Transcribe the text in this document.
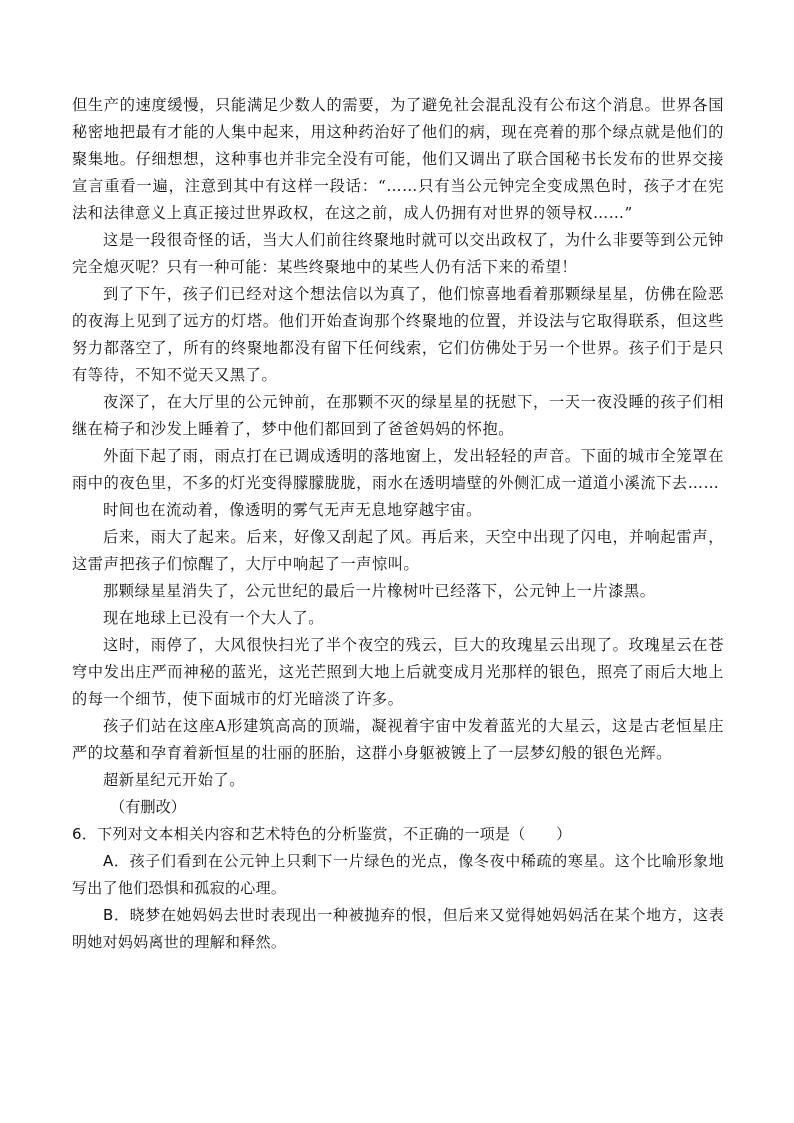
但生产的速度缓慢，只能满足少数人的需要，为了避免社会混乱没有公布这个消息。世界各国秘密地把最有才能的人集中起来，用这种药治好了他们的病，现在亮着的那个绿点就是他们的聚集地。仔细想想，这种事也并非完全没有可能，他们又调出了联合国秘书长发布的世界交接宣言重看一遍，注意到其中有这样一段话：“……只有当公元钟完全变成黑色时，孩子才在宪法和法律意义上真正接过世界政权，在这之前，成人仍拥有对世界的领导权……”

这是一段很奇怪的话，当大人们前往终聚地时就可以交出政权了，为什么非要等到公元钟完全熄灭呢？只有一种可能：某些终聚地中的某些人仍有活下来的希望！

到了下午，孩子们已经对这个想法信以为真了，他们惊喜地看着那颗绿星星，仿佛在险恶的夜海上见到了远方的灯塔。他们开始查询那个终聚地的位置，并设法与它取得联系，但这些努力都落空了，所有的终聚地都没有留下任何线索，它们仿佛处于另一个世界。孩子们于是只有等待，不知不觉天又黑了。

夜深了，在大厅里的公元钟前，在那颗不灭的绿星星的抚慰下，一天一夜没睡的孩子们相继在椅子和沙发上睡着了，梦中他们都回到了爸爸妈妈的怀抱。

外面下起了雨，雨点打在已调成透明的落地窗上，发出轻轻的声音。下面的城市全笼罩在雨中的夜色里，不多的灯光变得朦朦胧胧，雨水在透明墙壁的外侧汇成一道道小溪流下去……

时间也在流动着，像透明的雾气无声无息地穿越宇宙。

后来，雨大了起来。后来，好像又刮起了风。再后来，天空中出现了闪电，并响起雷声，这雷声把孩子们惊醒了，大厅中响起了一声惊叫。

那颗绿星星消失了，公元世纪的最后一片橡树叶已经落下，公元钟上一片漆黑。

现在地球上已没有一个大人了。

这时，雨停了，大风很快扫光了半个夜空的残云，巨大的玫瑰星云出现了。玫瑰星云在苍穹中发出庄严而神秘的蓝光，这光芒照到大地上后就变成月光那样的银色，照亮了雨后大地上的每一个细节，使下面城市的灯光暗淡了许多。

孩子们站在这座A形建筑高高的顶端，凝视着宇宙中发着蓝光的大星云，这是古老恒星庄严的坟墓和孕育着新恒星的壮丽的胚胎，这群小身躯被镀上了一层梦幻般的银色光辉。

超新星纪元开始了。

（有删改）

6．下列对文本相关内容和艺术特色的分析鉴赏，不正确的一项是（　　）

A．孩子们看到在公元钟上只剩下一片绿色的光点，像冬夜中稀疏的寒星。这个比喻形象地写出了他们恐惧和孤寂的心理。

B．晓梦在她妈妈去世时表现出一种被抛弃的恨，但后来又觉得她妈妈活在某个地方，这表明她对妈妈离世的理解和释然。
